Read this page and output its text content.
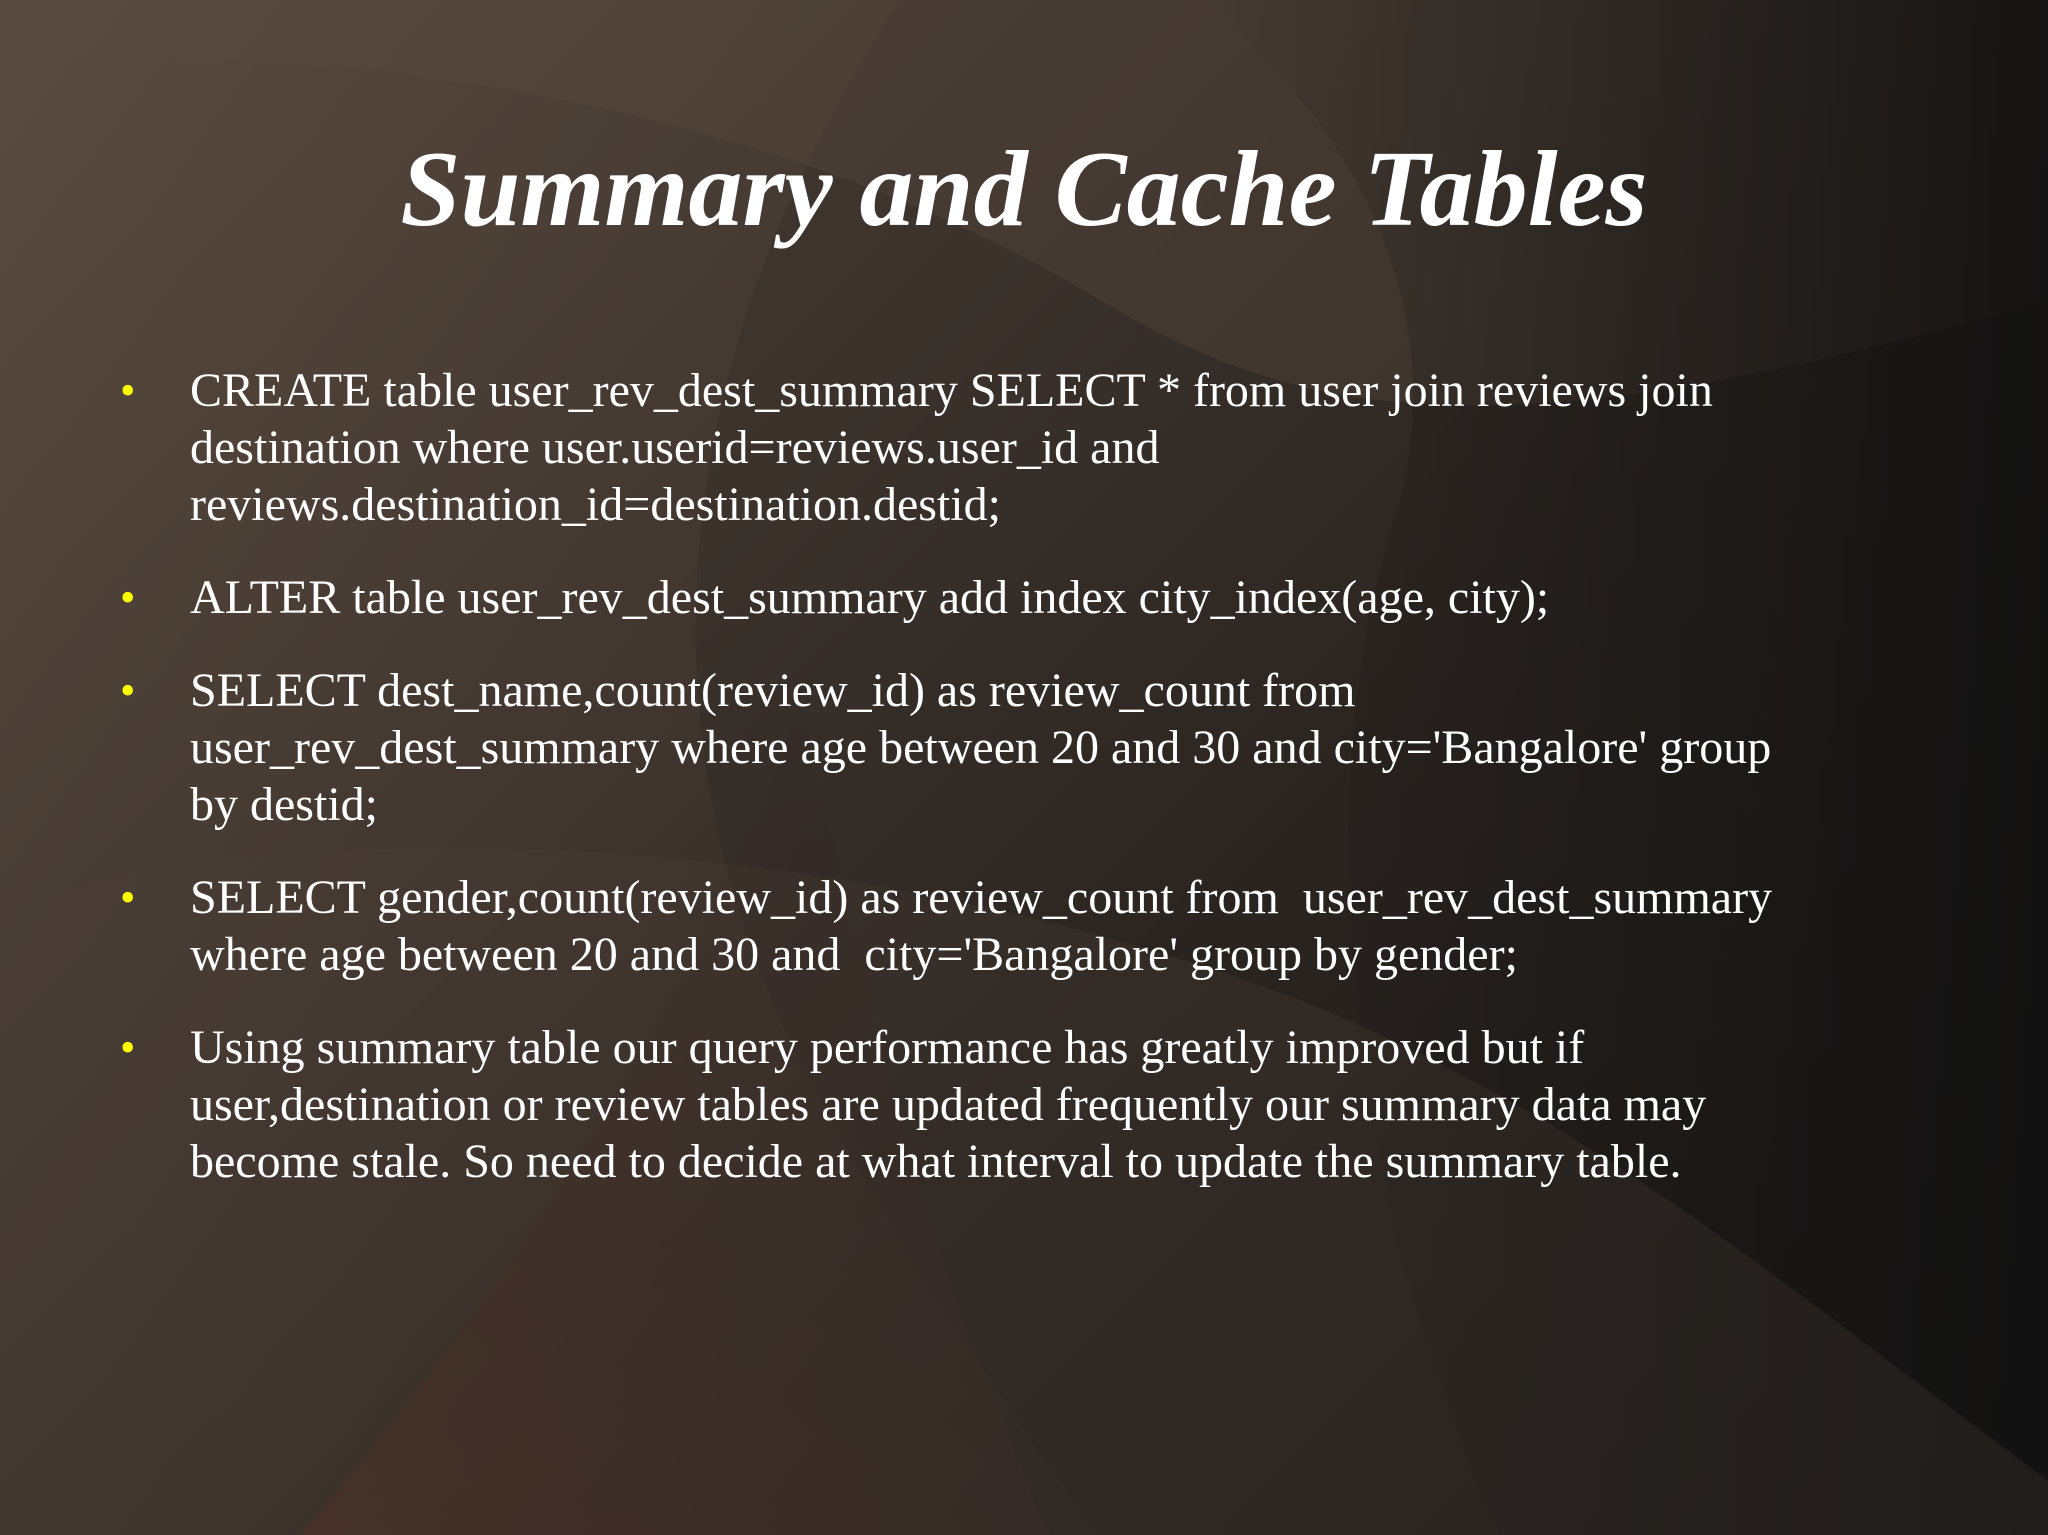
Summary and Cache Tables
• CREATE table user_rev_dest_summary SELECT * from user join reviews join
destination where user.userid=reviews.user_id and
reviews.destination_id=destination.destid;
• ALTER table user_rev_dest_summary add index city_index(age, city);
• SELECT dest_name,count(review_id) as review_count from
user_rev_dest_summary where age between 20 and 30 and city='Bangalore' group
by destid;
• SELECT gender,count(review_id) as review_count from  user_rev_dest_summary
where age between 20 and 30 and  city='Bangalore' group by gender;
• Using summary table our query performance has greatly improved but if
user,destination or review tables are updated frequently our summary data may
become stale. So need to decide at what interval to update the summary table.
